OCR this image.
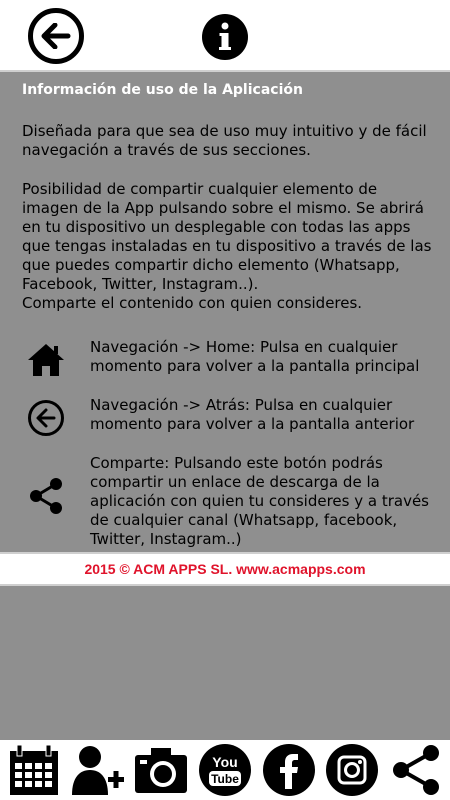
Información de uso de la Aplicación
Diseñada para que sea de uso muy intuitivo y de fácil navegación a través de sus secciones.
Posibilidad de compartir cualquier elemento de imagen de la App pulsando sobre el mismo. Se abrirá en tu dispositivo un desplegable con todas las apps que tengas instaladas en tu dispositivo a través de las que puedes compartir dicho elemento (Whatsapp, Facebook, Twitter, Instagram..).
Comparte el contenido con quien consideres.
Navegación -> Home: Pulsa en cualquier momento para volver a la pantalla principal
Navegación -> Atrás: Pulsa en cualquier momento para volver a la pantalla anterior
Comparte: Pulsando este botón podrás compartir un enlace de descarga de la aplicación con quien tu consideres y a través de cualquier canal (Whatsapp, facebook, Twitter, Instagram..)
2015 © ACM APPS SL. www.acmapps.com
You
Tube
